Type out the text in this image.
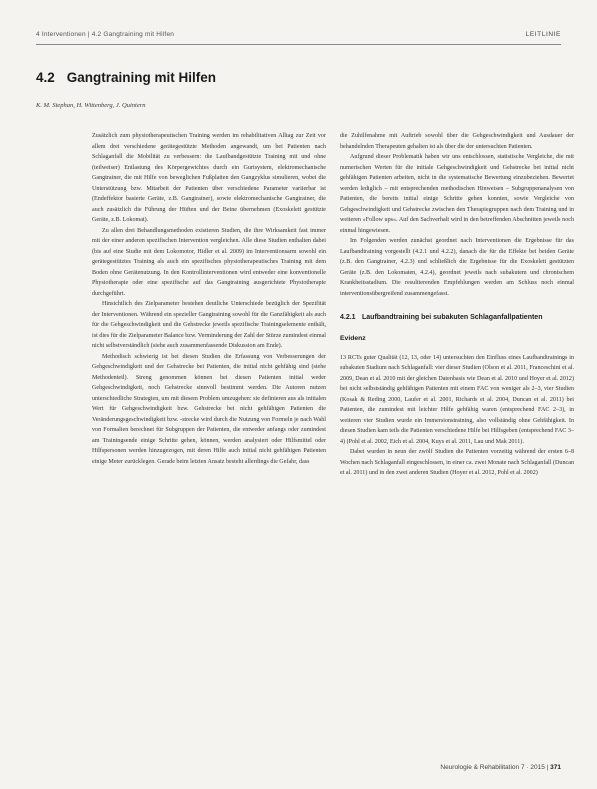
4 Interventionen | 4.2 Gangtraining mit Hilfen	LEITLINIE
4.2 Gangtraining mit Hilfen
K. M. Stephan, H. Wittenberg, J. Quintern

Zusätzlich zum physiotherapeutischen Training werden im rehabilitativen Alltag zur Zeit vor allem drei verschiedene gerätegestützte Methoden angewandt, um bei Patienten nach Schlaganfall die Mobilität zu verbessern: die Laufbandgestützte Training mit und ohne (teilweiser) Entlastung des Körpergewichtes durch ein Gurtsystem, elektromechanische Gangtrainer, die mit Hilfe von beweglichen Fußplatten den Gangzyklus simulieren, wobei die Unterstützung bzw. Mitarbeit der Patienten über verschiedene Parameter variierbar ist (Endeffektor basierte Geräte, z.B. Gangtrainer), sowie elektromechanische Gangtrainer, die auch zusätzlich die Führung der Hüften und der Beine übernehmen (Exoskelett gestützte Geräte, z.B. Lokomat).

Zu allen drei Behandlungsmethoden existieren Studien, die ihre Wirksamkeit fast immer mit der einer anderen spezifischen Intervention vergleichen. Alle diese Studien enthalten dabei (bis auf eine Studie mit dem Lokomotor, Hidler et al. 2009) im Interventionsarm sowohl ein gerätegestütztes Training als auch ein spezifisches physiotherapeutisches Training mit dem Boden ohne Gerätenutzung. In den Kontrollinterventionen wird entweder eine konventionelle Physiotherapie oder eine spezifische auf das Gangtraining ausgerichtete Physiotherapie durchgeführt.

Hinsichtlich des Zielparameter bestehen deutliche Unterschiede bezüglich der Spezifität der Interventionen. Während ein spezieller Gangtraining sowohl für die Ganzfähigkeit als auch für die Gehgeschwindigkeit und die Gehstrecke jeweils spezifische Trainingselemente enthält, ist dies für die Zielparameter Balance bzw. Verminderung der Zahl der Stürze zumindest einmal nicht selbstverständlich (siehe auch zusammenfassende Diskussion am Ende).

Methodisch schwierig ist bei diesen Studien die Erfassung von Verbesserungen der Gehgeschwindigkeit und der Gehstrecke bei Patienten, die initial nicht gehfähig sind (siehe Methodenteil). Streng genommen können bei diesen Patienten initial weder Gehgeschwindigkeit, noch Gehstrecke sinnvoll bestimmt werden. Die Autoren nutzen unterschiedliche Strategien, um mit diesem Problem umzugehen: sie definieren aus als initialen Wert für Gehgeschwindigkeit bzw. Gehstrecke bei nicht gehfähigen Patienten die Veränderungsgeschwindigkeit bzw. -strecke wird durch die Nutzung von Formeln je nach Wahl von Formalien berechnet für Subgruppen der Patienten, die entweder anfangs oder zumindest am Trainingsende einige Schritte gehen, können, werden analysiert oder Hilfsmittel oder Hilfspersonen werden hinzugezogen, mit deren Hilfe auch initial nicht gehfähigen Patienten einige Meter zurücklegen. Gerade beim letzten Ansatz besteht allerdings die Gefahr, dass

die Zuhilfenahme mit Auftrieb sowohl über die Gehgeschwindigkeit und Ausdauer der behandelnden Therapeuten gehalten ist als über die der untersuchten Patienten.

Aufgrund dieser Problematik haben wir uns entschlossen, statistische Vergleiche, die mit numerischen Werten für die initiale Gehgeschwindigkeit und Gehstrecke bei initial nicht gehfähigen Patienten arbeiten, nicht in die systematische Bewertung einzubeziehen. Bewertet werden lediglich – mit entsprechenden methodischen Hinweisen – Subgruppenanalysen von Patienten, die bereits initial einige Schritte gehen konnten, sowie Vergleiche von Gehgeschwindigkeit und Gehstrecke zwischen den Therapiegruppen nach dem Training und in weiteren »Follow ups«. Auf den Sachverhalt wird in den betreffenden Abschnitten jeweils noch einmal hingewiesen.

Im Folgenden werden zunächst geordnet nach Interventionen die Ergebnisse für das Laufbandtraining vorgestellt (4.2.1 und 4.2.2), danach die für die Effekte bei beiden Geräte (z.B. den Gangtrainer, 4.2.3) und schließlich die Ergebnisse für die Exoskelett gestützten Geräte (z.B. den Lokomaten, 4.2.4), geordnet jeweils nach subakutem und chronischem Krankheitsstadium. Die resultierenden Empfehlungen werden am Schluss noch einmal interventionsübergreifend zusammengefasst.

4.2.1 Laufbandtraining bei subakuten Schlaganfallpatienten
Evidenz

13 RCTs guter Qualität (12, 13, oder 14) untersuchten den Einfluss eines Laufbandtrainings in subakuten Stadium nach Schlaganfall: vier dieser Studien (Olson et al. 2011, Franceschini et al. 2009, Dean et al. 2010 mit der gleichen Datenbasis wie Dean et al. 2010 und Hoyer et al. 2012) bei nicht selbstständig gehfähigen Patienten mit einem FAC von weniger als 2–3, vier Studien (Kosak & Reding 2000, Laufer et al. 2001, Richards et al. 2004, Duncan et al. 2011) bei Patienten, die zumindest mit leichter Hilfe gehfähig waren (entsprechend FAC 2–3), in weiteren vier Studien wurde ein Immersionstraining, also vollständig ohne Gehfähigkeit. In diesen Studien kam teils die Patienten verschiedene Hilfe bei Hilfsgeben (entsprechend FAC 3–4) (Pohl et al. 2002, Eich et al. 2004, Kuys et al. 2011, Lau und Mak 2011).

Dabei wurden in neun der zwölf Studien die Patienten vorzeitig während der ersten 6–8 Wochen nach Schlaganfall eingeschlossen, in einer ca. zwei Monate nach Schlaganfall (Duncan et al. 2011) und in den zwei anderen Studien (Hoyer et al. 2012, Pohl et al. 2002)

Neurologie & Rehabilitation 7 · 2015 | 371
